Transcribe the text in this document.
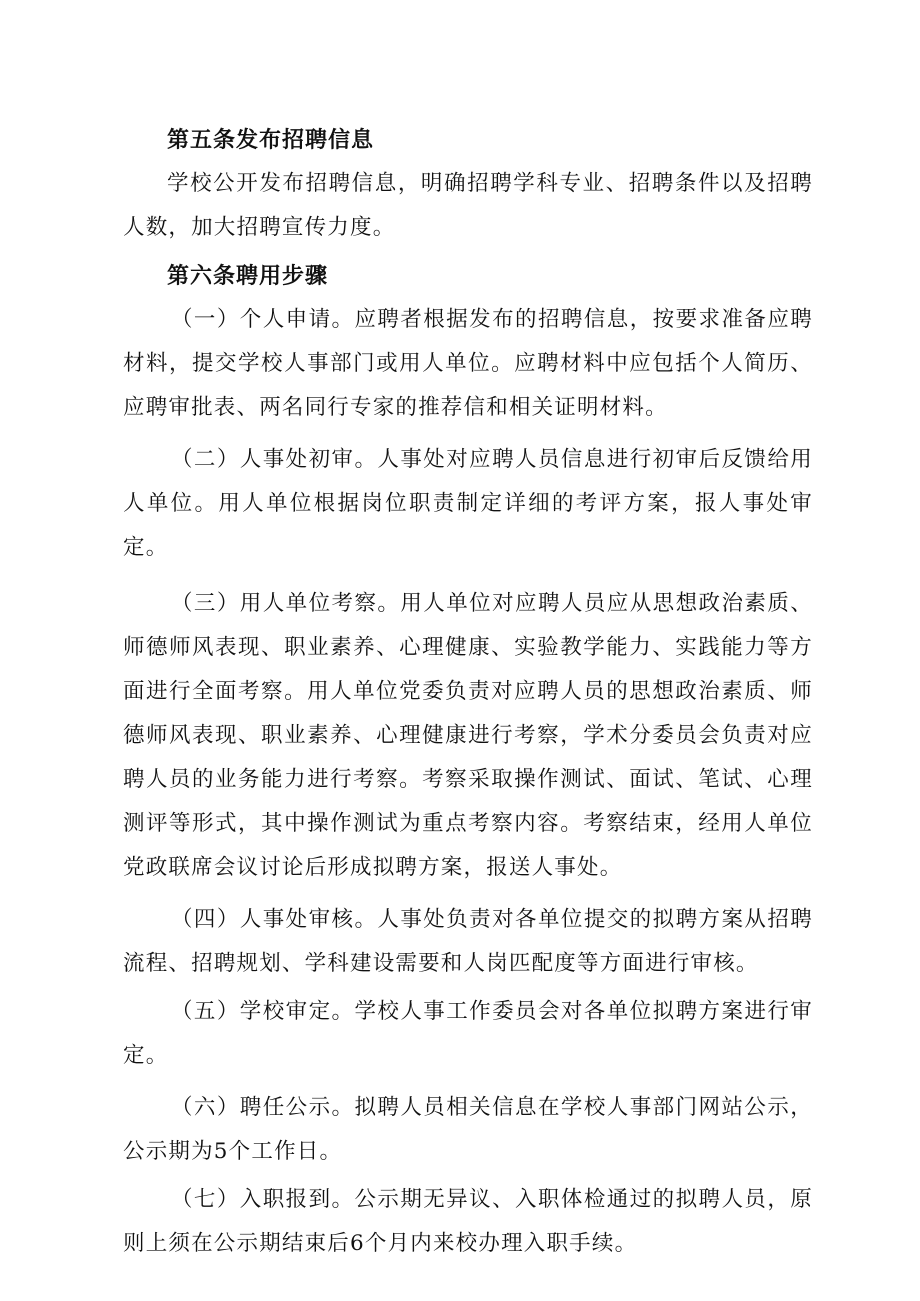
第五条发布招聘信息

学校公开发布招聘信息，明确招聘学科专业、招聘条件以及招聘人数，加大招聘宣传力度。

第六条聘用步骤

（一）个人申请。应聘者根据发布的招聘信息，按要求准备应聘材料，提交学校人事部门或用人单位。应聘材料中应包括个人简历、应聘审批表、两名同行专家的推荐信和相关证明材料。

（二）人事处初审。人事处对应聘人员信息进行初审后反馈给用人单位。用人单位根据岗位职责制定详细的考评方案，报人事处审定。

（三）用人单位考察。用人单位对应聘人员应从思想政治素质、师德师风表现、职业素养、心理健康、实验教学能力、实践能力等方面进行全面考察。用人单位党委负责对应聘人员的思想政治素质、师德师风表现、职业素养、心理健康进行考察，学术分委员会负责对应聘人员的业务能力进行考察。考察采取操作测试、面试、笔试、心理测评等形式，其中操作测试为重点考察内容。考察结束，经用人单位党政联席会议讨论后形成拟聘方案，报送人事处。

（四）人事处审核。人事处负责对各单位提交的拟聘方案从招聘流程、招聘规划、学科建设需要和人岗匹配度等方面进行审核。

（五）学校审定。学校人事工作委员会对各单位拟聘方案进行审定。

（六）聘任公示。拟聘人员相关信息在学校人事部门网站公示，公示期为5个工作日。

（七）入职报到。公示期无异议、入职体检通过的拟聘人员，原则上须在公示期结束后6个月内来校办理入职手续。
